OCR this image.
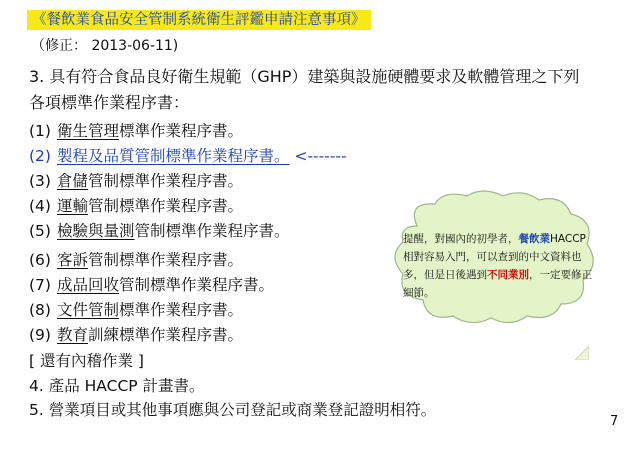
《餐飲業食品安全管制系統衛生評鑑申請注意事項》
（修正： 2013-06-11)
3. 具有符合食品良好衛生規範（GHP）建築與設施硬體要求及軟體管理之下列
各項標準作業程序書：
(1) 衛生管理標準作業程序書。
(2) 製程及品質管制標準作業程序書。 <-------
(3) 倉儲管制標準作業程序書。
(4) 運輸管制標準作業程序書。
(5) 檢驗與量測管制標準作業程序書。
(6) 客訴管制標準作業程序書。
(7) 成品回收管制標準作業程序書。
(8) 文件管制標準作業程序書。
(9) 教育訓練標準作業程序書。
[ 還有內稽作業 ]
4. 產品 HACCP 計畫書。
5. 營業項目或其他事項應與公司登記或商業登記證明相符。
提醒，對國內的初學者，餐飲業HACCP 相對容易入門，可以查到的中文資料也多，但是日後遇到不同業別，一定要修正細節。
7
